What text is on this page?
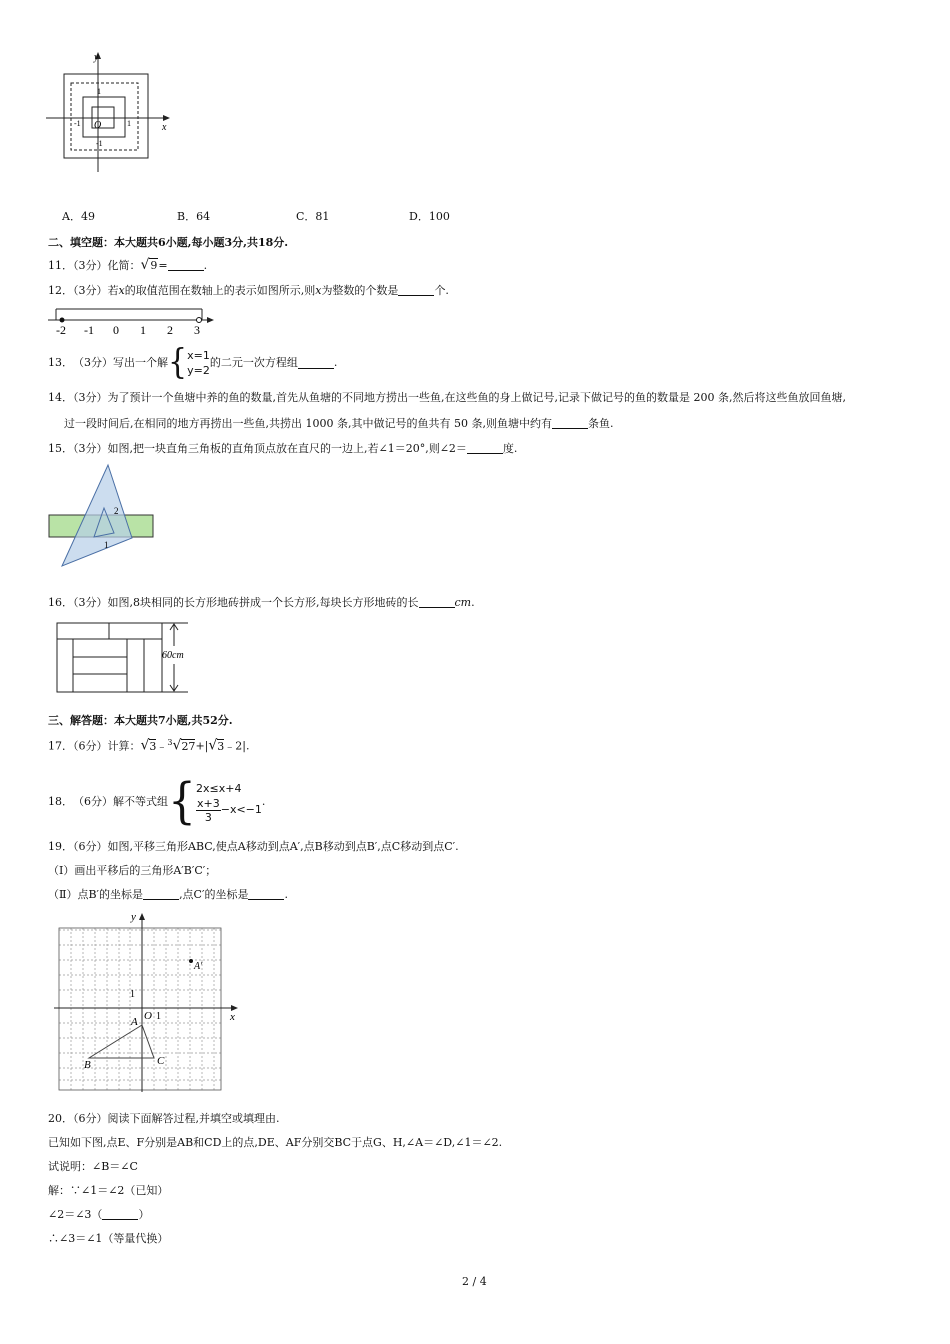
y
x
O
1
-1	1
-1
A．49	B．64	C．81	D．100
二、填空题：本大题共6小题,每小题3分,共18分.
11．（3分）化简：√9=	.
12．（3分）若x的取值范围在数轴上的表示如图所示,则x为整数的个数是	个.
-2 -1 0 1 2 3
13． （3分） 写出一个解 { x=1
y=2
的二元一次方程组	.
14．（3分）为了预计一个鱼塘中养的鱼的数量,首先从鱼塘的不同地方捞出一些鱼,在这些鱼的身上做记号,记录下做记号的鱼的数量是 200 条,然后将这些鱼放回鱼塘,
过一段时间后,在相同的地方再捞出一些鱼,共捞出 1000 条,其中做记号的鱼共有 50 条,则鱼塘中约有	条鱼.
15．（3分）如图,把一块直角三角板的直角顶点放在直尺的一边上,若∠1＝20°,则∠2＝	度.
2
1
16．（3分）如图,8块相同的长方形地砖拼成一个长方形,每块长方形地砖的长	cm.
60cm
三、解答题：本大题共7小题,共52分.
17．（6分）计算：√3﹣$^3$√27+|√3﹣2|.
18． （6分） 解不等式组 { 2x≤x+4
$\frac{x+3}{3} -x<-1$
.
19．（6分）如图,平移三角形ABC,使点A移动到点A′,点B移动到点B′,点C移动到点C′.
（Ⅰ）画出平移后的三角形A′B′C′；
（Ⅱ）点B′的坐标是	,点C′的坐标是	.
y
x
O 1
1
A
B	C
A′
20．（6分）阅读下面解答过程,并填空或填理由.
已知如下图,点E、F分别是AB和CD上的点,DE、AF分别交BC于点G、H,∠A＝∠D,∠1＝∠2.
试说明：∠B＝∠C
解：∵∠1＝∠2（已知）
∠2＝∠3（	）
∴∠3＝∠1（等量代换）
2 / 4
